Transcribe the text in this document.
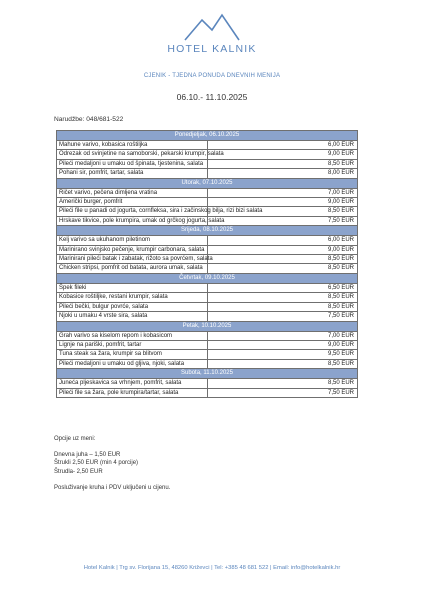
HOTEL KALNIK
CJENIK - TJEDNA PONUDA DNEVNIH MENIJA
06.10.- 11.10.2025
Narudžbe: 048/681-522
Ponedjeljak, 06.10.2025	
Mahune varivo, kobasica roštiljka	6,00 EUR
Odrezak od svinjetine na samoborski, pekarski krumpir, salata	9,00 EUR
Pileći medaljoni u umaku od špinata, tjestenina, salata	8,50 EUR
Pohani sir, pomfrit, tartar, salata	8,00 EUR
Utorak, 07.10.2025	
Ričet varivo, pečena dimljena vratina	7,00 EUR
Američki burger, pomfrit	9,00 EUR
Pileći file u panadi od jogurta, cornfleksa, sira i začinskog bilja, rizi bizi salata	8,50 EUR
Hrskave tikvice, pole krumpira, umak od grčkog jogurta, salata	7,50 EUR
Srijeda, 08.10.2025	
Kelj varivo sa ukuhanom piletinom	6,00 EUR
Marinirano svinjsko pečenje, krumpir carbonara, salata	9,00 EUR
Marinirani pileći batak i zabatak, rižoto sa povrćem, salata	8,50 EUR
Chicken stripsi, pomfrit od batata, aurora umak, salata	8,50 EUR
Četvrtak, 09.10.2025	
Špek fileki	6,50 EUR
Kobasice roštiljke, restani krumpir, salata	8,50 EUR
Pileći bečki, bulgur povrće, salata	8,50 EUR
Njoki u umaku 4 vrste sira, salata	7,50 EUR
Petak, 10.10.2025	
Grah varivo sa kiselom repom i kobasicom	7,00 EUR
Lignje na pariški, pomfrit, tartar	9,00 EUR
Tuna steak sa žara, krumpir sa blitvom	9,50 EUR
Pileći medaljoni u umaku od gljiva, njoki, salata	8,50 EUR
Subota, 11.10.2025	
Juneća pljeskavica sa vrhnjem, pomfrit, salata	8,50 EUR
Pileći file sa žara, pole krumpira/tartar, salata	7,50 EUR

Opcije uz meni:

Dnevna juha – 1,50 EUR

Štrukli 2,50 EUR (min 4 porcije)

Štrudla- 2,50 EUR

Posluživanje kruha i PDV uključeni u cijenu.

Hotel Kalnik | Trg sv. Florijana 15, 48260 Križevci | Tel: +385 48 681 522 | Email: info@hotelkalnik.hr
